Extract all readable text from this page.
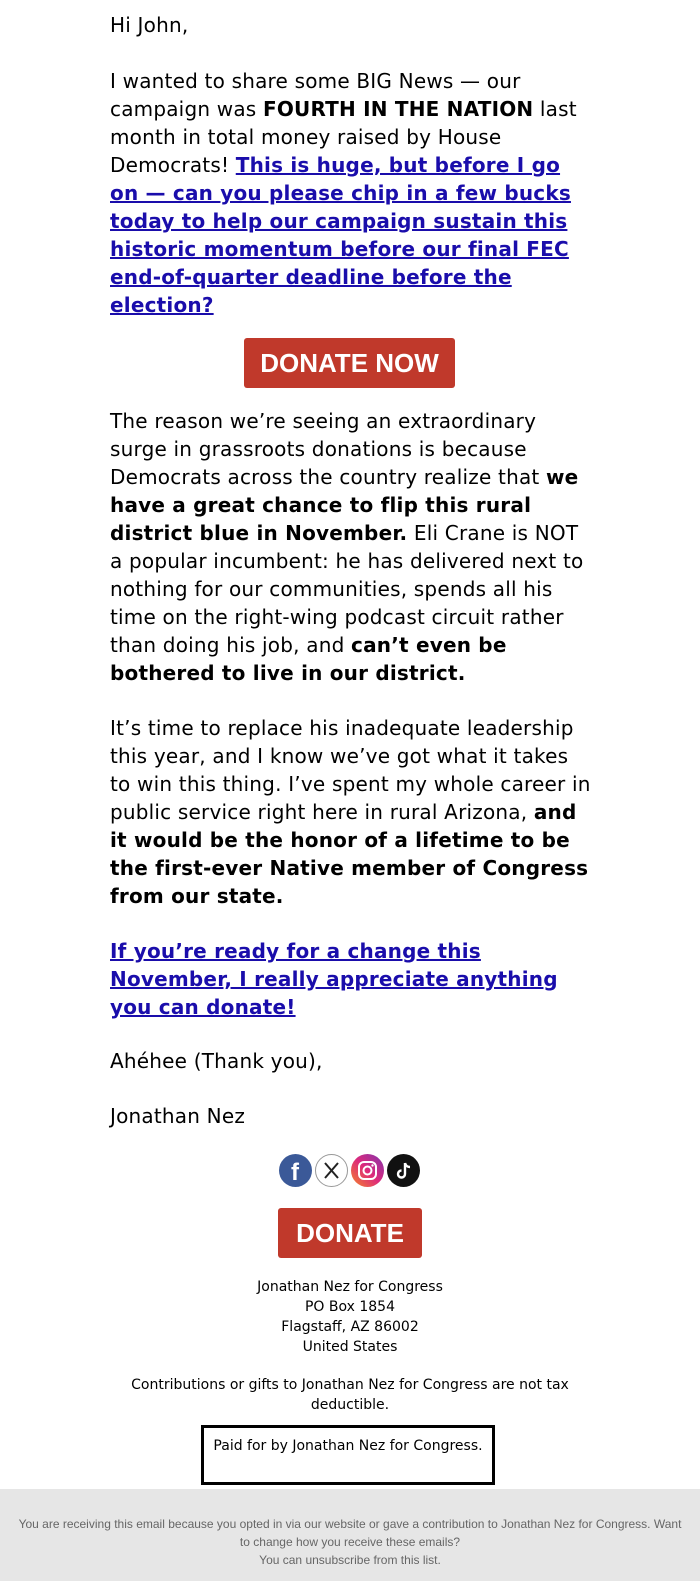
Hi John,

I wanted to share some BIG News — our campaign was FOURTH IN THE NATION last month in total money raised by House Democrats! This is huge, but before I go on — can you please chip in a few bucks today to help our campaign sustain this historic momentum before our final FEC end-of-quarter deadline before the election?

The reason we’re seeing an extraordinary surge in grassroots donations is because Democrats across the country realize that we have a great chance to flip this rural district blue in November. Eli Crane is NOT a popular incumbent: he has delivered next to nothing for our communities, spends all his time on the right-wing podcast circuit rather than doing his job, and can’t even be bothered to live in our district.

It’s time to replace his inadequate leadership this year, and I know we’ve got what it takes to win this thing. I’ve spent my whole career in public service right here in rural Arizona, and it would be the honor of a lifetime to be the first-ever Native member of Congress from our state.

If you’re ready for a change this November, I really appreciate anything you can donate!

Ahéhee (Thank you),

Jonathan Nez

DONATE NOW
f
DONATE
Jonathan Nez for Congress
PO Box 1854
Flagstaff, AZ 86002
United States
Contributions or gifts to Jonathan Nez for Congress are not tax deductible.
Paid for by Jonathan Nez for Congress.
You are receiving this email because you opted in via our website or gave a contribution to Jonathan Nez for Congress. Want to change how you receive these emails?
You can unsubscribe from this list.
